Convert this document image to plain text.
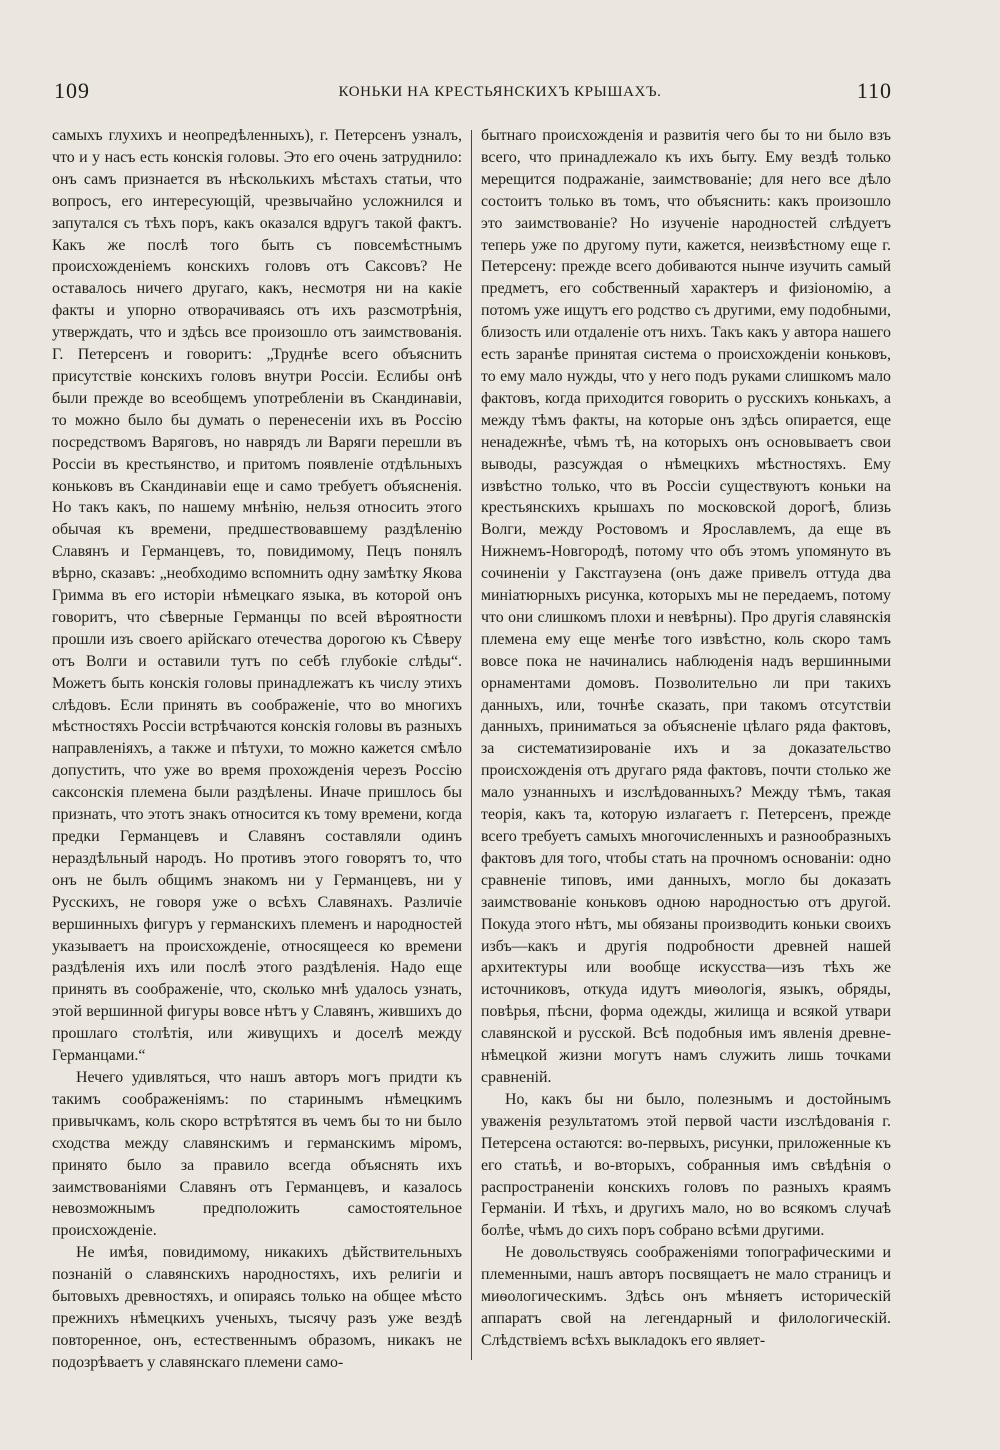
109	КОНЬКИ НА КРЕСТЬЯНСКИХЪ КРЫШАХЪ.	110

самыхъ глухихъ и неопредѣленныхъ), г. Петерсенъ узналъ, что и у насъ есть конскія головы. Это его очень затруднило: онъ самъ признается въ нѣсколькихъ мѣстахъ статьи, что вопросъ, его интересующій, чрезвычайно усложнился и запутался съ тѣхъ поръ, какъ оказался вдругъ такой фактъ. Какъ же послѣ того быть съ повсемѣстнымъ происхожденіемъ конскихъ головъ отъ Саксовъ? Не оставалось ничего другаго, какъ, несмотря ни на какіе факты и упорно отворачиваясь отъ ихъ разсмотрѣнія, утверждать, что и здѣсь все произошло отъ заимствованія. Г. Петерсенъ и говоритъ: „Труднѣе всего объяснить присутствіе конскихъ головъ внутри Россіи. Еслибы онѣ были прежде во всеобщемъ употребленіи въ Скандинавіи, то можно было бы думать о перенесеніи ихъ въ Россію посредствомъ Варяговъ, но наврядъ ли Варяги перешли въ Россіи въ крестьянство, и притомъ появленіе отдѣльныхъ коньковъ въ Скандинавіи еще и само требуетъ объясненія. Но такъ какъ, по нашему мнѣнію, нельзя относить этого обычая къ времени, предшествовавшему раздѣленію Славянъ и Германцевъ, то, повидимому, Пецъ понялъ вѣрно, сказавъ: „необходимо вспомнить одну замѣтку Якова Гримма въ его исторіи нѣмецкаго языка, въ которой онъ говоритъ, что сѣверные Германцы по всей вѣроятности прошли изъ своего арійскаго отечества дорогою къ Сѣверу отъ Волги и оставили тутъ по себѣ глубокіе слѣды“. Можетъ быть конскія головы принадлежатъ къ числу этихъ слѣдовъ. Если принять въ соображеніе, что во многихъ мѣстностяхъ Россіи встрѣчаются конскія головы въ разныхъ направленіяхъ, а также и пѣтухи, то можно кажется смѣло допустить, что уже во время прохожденія черезъ Россію саксонскія племена были раздѣлены. Иначе пришлось бы признать, что этотъ знакъ относится къ тому времени, когда предки Германцевъ и Славянъ составляли одинъ нераздѣльный народъ. Но противъ этого говорятъ то, что онъ не былъ общимъ знакомъ ни у Германцевъ, ни у Русскихъ, не говоря уже о всѣхъ Славянахъ. Различіе вершинныхъ фигуръ у германскихъ племенъ и народностей указываетъ на происхожденіе, относящееся ко времени раздѣленія ихъ или послѣ этого раздѣленія. Надо еще принять въ соображеніе, что, сколько мнѣ удалось узнать, этой вершинной фигуры вовсе нѣтъ у Славянъ, жившихъ до прошлаго столѣтія, или живущихъ и доселѣ между Германцами.“

Нечего удивляться, что нашъ авторъ могъ придти къ такимъ соображеніямъ: по старинымъ нѣмецкимъ привычкамъ, коль скоро встрѣтятся въ чемъ бы то ни было сходства между славянскимъ и германскимъ міромъ, принято было за правило всегда объяснять ихъ заимствованіями Славянъ отъ Германцевъ, и казалось невозможнымъ предположить самостоятельное происхожденіе.

Не имѣя, повидимому, никакихъ дѣйствительныхъ познаній о славянскихъ народностяхъ, ихъ религіи и бытовыхъ древностяхъ, и опираясь только на общее мѣсто прежнихъ нѣмецкихъ ученыхъ, тысячу разъ уже вездѣ повторенное, онъ, естественнымъ образомъ, никакъ не подозрѣваетъ у славянскаго племени само-

бытнаго происхожденія и развитія чего бы то ни было взъ всего, что принадлежало къ ихъ быту. Ему вездѣ только мерещится подражаніе, заимствованіе; для него все дѣло состоитъ только въ томъ, что объяснить: какъ произошло это заимствованіе? Но изученіе народностей слѣдуетъ теперь уже по другому пути, кажется, неизвѣстному еще г. Петерсену: прежде всего добиваются нынче изучить самый предметъ, его собственный характеръ и физіономію, а потомъ уже ищутъ его родство съ другими, ему подобными, близость или отдаленіе отъ нихъ. Такъ какъ у автора нашего есть заранѣе принятая система о происхожденіи коньковъ, то ему мало нужды, что у него подъ руками слишкомъ мало фактовъ, когда приходится говорить о русскихъ конькахъ, а между тѣмъ факты, на которые онъ здѣсь опирается, еще ненадежнѣе, чѣмъ тѣ, на которыхъ онъ основываетъ свои выводы, разсуждая о нѣмецкихъ мѣстностяхъ. Ему извѣстно только, что въ Россіи существуютъ коньки на крестьянскихъ крышахъ по московской дорогѣ, близь Волги, между Ростовомъ и Ярославлемъ, да еще въ Нижнемъ-Новгородѣ, потому что объ этомъ упомянуто въ сочиненіи у Гакстгаузена (онъ даже привелъ оттуда два миніатюрныхъ рисунка, которыхъ мы не передаемъ, потому что они слишкомъ плохи и невѣрны). Про другія славянскія племена ему еще менѣе того извѣстно, коль скоро тамъ вовсе пока не начинались наблюденія надъ вершинными орнаментами домовъ. Позволительно ли при такихъ данныхъ, или, точнѣе сказать, при такомъ отсутствіи данныхъ, приниматься за объясненіе цѣлаго ряда фактовъ, за систематизированіе ихъ и за доказательство происхожденія отъ другаго ряда фактовъ, почти столько же мало узнанныхъ и изслѣдованныхъ? Между тѣмъ, такая теорія, какъ та, которую излагаетъ г. Петерсенъ, прежде всего требуетъ самыхъ многочисленныхъ и разнообразныхъ фактовъ для того, чтобы стать на прочномъ основаніи: одно сравненіе типовъ, ими данныхъ, могло бы доказать заимствованіе коньковъ одною народностью отъ другой. Покуда этого нѣтъ, мы обязаны производить коньки своихъ избъ—какъ и другія подробности древней нашей архитектуры или вообще искусства—изъ тѣхъ же источниковъ, откуда идутъ миѳологія, языкъ, обряды, повѣрья, пѣсни, форма одежды, жилища и всякой утвари славянской и русской. Всѣ подобныя имъ явленія древне-нѣмецкой жизни могутъ намъ служить лишь точками сравненій.

Но, какъ бы ни было, полезнымъ и достойнымъ уваженія результатомъ этой первой части изслѣдованія г. Петерсена остаются: во-первыхъ, рисунки, приложенные къ его статьѣ, и во-вторыхъ, собранныя имъ свѣдѣнія о распространеніи конскихъ головъ по разныхъ краямъ Германіи. И тѣхъ, и другихъ мало, но во всякомъ случаѣ болѣе, чѣмъ до сихъ поръ собрано всѣми другими.

Не довольствуясь соображеніями топографическими и племенными, нашъ авторъ посвящаетъ не мало страницъ и миѳологическимъ. Здѣсь онъ мѣняетъ историческій аппаратъ свой на легендарный и филологическій. Слѣдствіемъ всѣхъ выкладокъ его являет-
